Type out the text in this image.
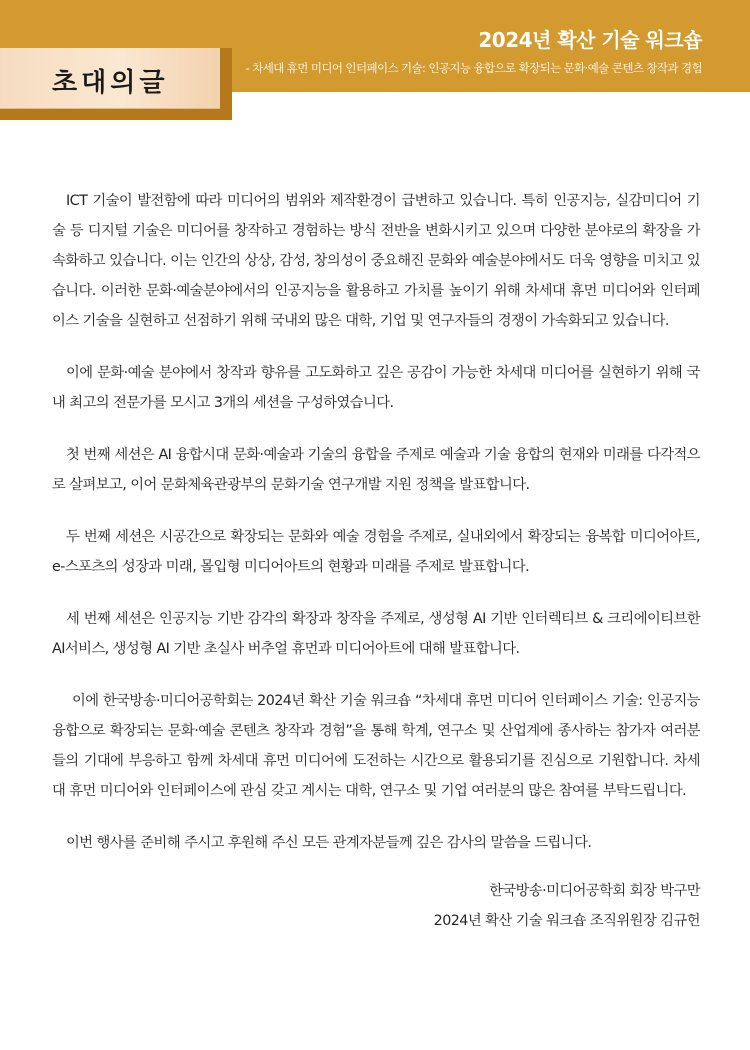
2024년 확산 기술 워크숍
- 차세대 휴먼 미디어 인터페이스 기술: 인공지능 융합으로 확장되는 문화·예술 콘텐츠 창작과 경험
초대의글

ICT 기술이 발전함에 따라 미디어의 범위와 제작환경이 급변하고 있습니다. 특히 인공지능, 실감미디어 기술 등 디지털 기술은 미디어를 창작하고 경험하는 방식 전반을 변화시키고 있으며 다양한 분야로의 확장을 가속화하고 있습니다. 이는 인간의 상상, 감성, 창의성이 중요해진 문화와 예술분야에서도 더욱 영향을 미치고 있습니다. 이러한 문화·예술분야에서의 인공지능을 활용하고 가치를 높이기 위해 차세대 휴먼 미디어와 인터페이스 기술을 실현하고 선점하기 위해 국내외 많은 대학, 기업 및 연구자들의 경쟁이 가속화되고 있습니다.

이에 문화·예술 분야에서 창작과 향유를 고도화하고 깊은 공감이 가능한 차세대 미디어를 실현하기 위해 국내 최고의 전문가를 모시고 3개의 세션을 구성하였습니다.

첫 번째 세션은 AI 융합시대 문화·예술과 기술의 융합을 주제로 예술과 기술 융합의 현재와 미래를 다각적으로 살펴보고, 이어 문화체육관광부의 문화기술 연구개발 지원 정책을 발표합니다.

두 번째 세션은 시공간으로 확장되는 문화와 예술 경험을 주제로, 실내외에서 확장되는 융복합 미디어아트, e-스포츠의 성장과 미래, 몰입형 미디어아트의 현황과 미래를 주제로 발표합니다.

세 번째 세션은 인공지능 기반 감각의 확장과 창작을 주제로, 생성형 AI 기반 인터렉티브 & 크리에이티브한 AI서비스, 생성형 AI 기반 초실사 버추얼 휴먼과 미디어아트에 대해 발표합니다.

이에 한국방송·미디어공학회는 2024년 확산 기술 워크숍 “차세대 휴먼 미디어 인터페이스 기술: 인공지능 융합으로 확장되는 문화·예술 콘텐츠 창작과 경험”을 통해 학계, 연구소 및 산업계에 종사하는 참가자 여러분들의 기대에 부응하고 함께 차세대 휴먼 미디어에 도전하는 시간으로 활용되기를 진심으로 기원합니다. 차세대 휴먼 미디어와 인터페이스에 관심 갖고 계시는 대학, 연구소 및 기업 여러분의 많은 참여를 부탁드립니다.

이번 행사를 준비해 주시고 후원해 주신 모든 관계자분들께 깊은 감사의 말씀을 드립니다.

한국방송·미디어공학회 회장 박구만
2024년 확산 기술 워크숍 조직위원장 김규헌
